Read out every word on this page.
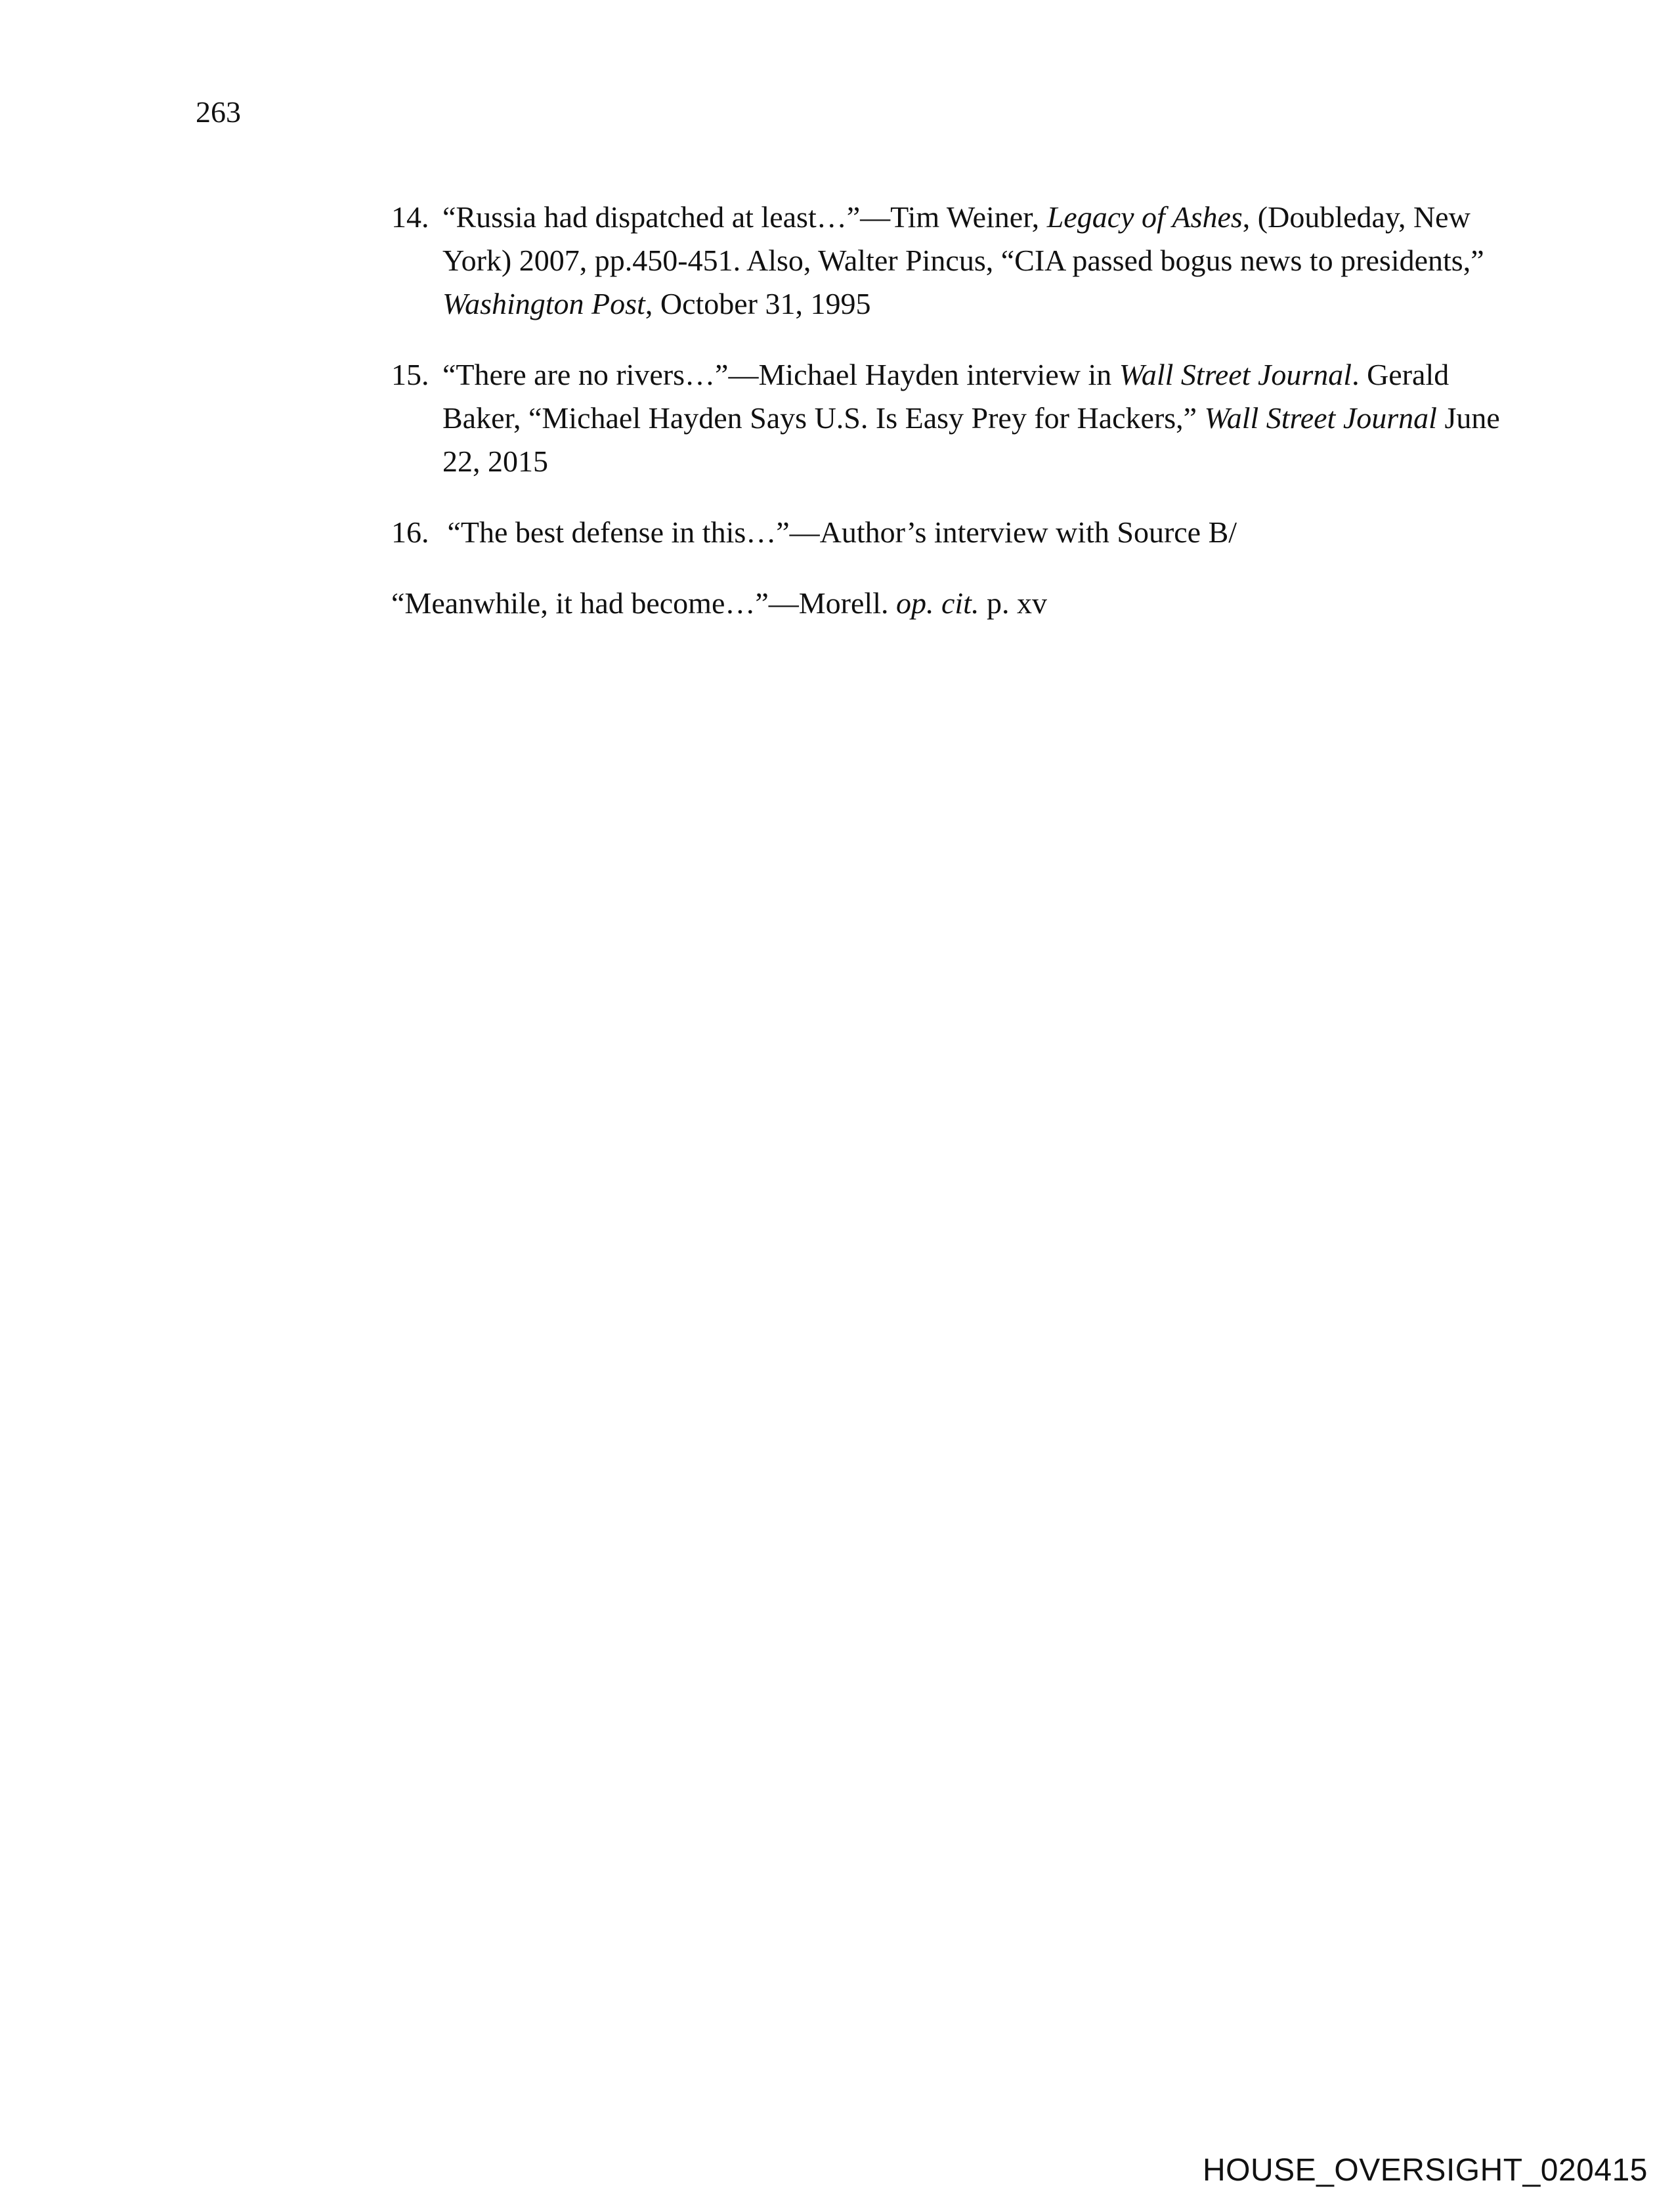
263

14. “Russia had dispatched at least…”—Tim Weiner, Legacy of Ashes, (Doubleday, New York) 2007, pp.450-451. Also, Walter Pincus, “CIA passed bogus news to presidents,” Washington Post, October 31, 1995

15. “There are no rivers…”—Michael Hayden interview in Wall Street Journal. Gerald Baker, “Michael Hayden Says U.S. Is Easy Prey for Hackers,” Wall Street Journal June 22, 2015

16. “The best defense in this…”—Author’s interview with Source B/

“Meanwhile, it had become…”—Morell. op. cit. p. xv

HOUSE_OVERSIGHT_020415
